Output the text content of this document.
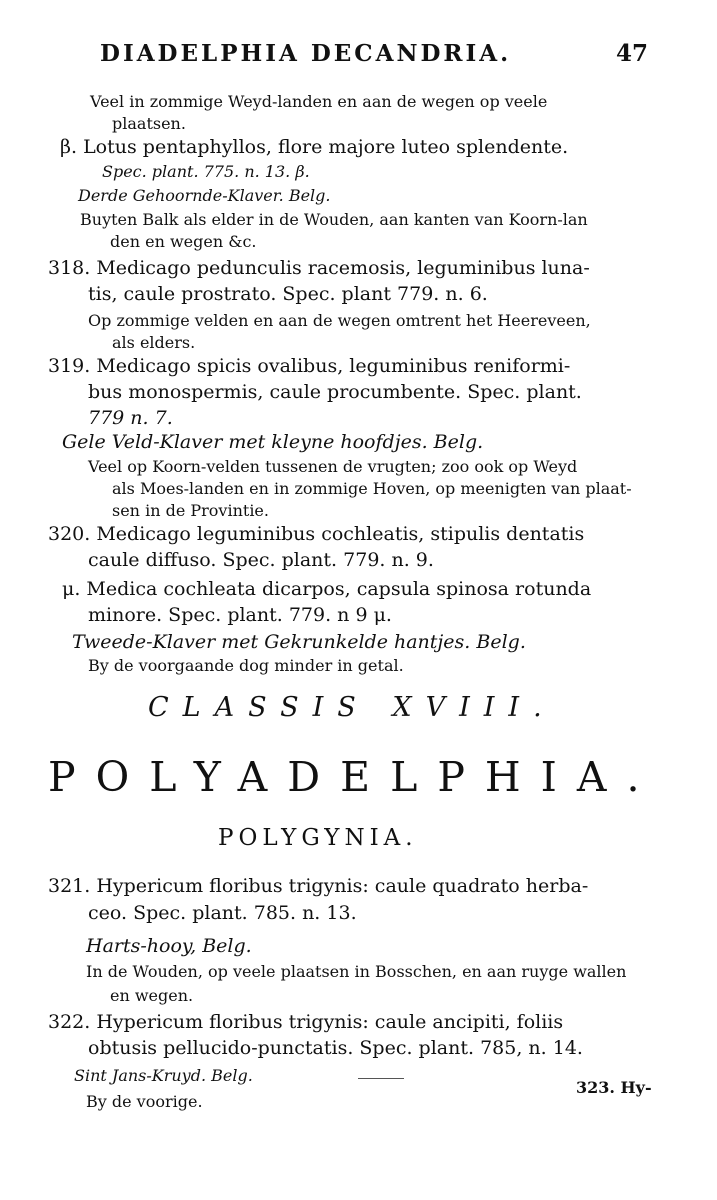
DIADELPHIA DECANDRIA.	47
Veel in zommige Weyd-landen en aan de wegen op veele
plaatsen.
β. Lotus pentaphyllos, flore majore luteo splendente.
Spec. plant. 775. n. 13. β.
Derde Gehoornde-Klaver. Belg.
Buyten Balk als elder in de Wouden, aan kanten van Koorn-lan
den en wegen &c.
318. Medicago pedunculis racemosis, leguminibus luna-
tis, caule prostrato. Spec. plant 779. n. 6.
Op zommige velden en aan de wegen omtrent het Heereveen,
als elders.
319. Medicago spicis ovalibus, leguminibus reniformi-
bus monospermis, caule procumbente. Spec. plant.
779 n. 7.
Gele Veld-Klaver met kleyne hoofdjes. Belg.
Veel op Koorn-velden tussenen de vrugten; zoo ook op Weyd
als Moes-landen en in zommige Hoven, op meenigten van plaat-
sen in de Provintie.
320. Medicago leguminibus cochleatis, stipulis dentatis
caule diffuso. Spec. plant. 779. n. 9.
μ. Medica cochleata dicarpos, capsula spinosa rotunda
minore. Spec. plant. 779. n 9 μ.
Tweede-Klaver met Gekrunkelde hantjes. Belg.
By de voorgaande dog minder in getal.
CLASSIS XVIII.
POLYADELPHIA.
POLYGYNIA.
321. Hypericum floribus trigynis: caule quadrato herba-
ceo. Spec. plant. 785. n. 13.
Harts-hooy, Belg.
In de Wouden, op veele plaatsen in Bosschen, en aan ruyge wallen
en wegen.
322. Hypericum floribus trigynis: caule ancipiti, foliis
obtusis pellucido-punctatis. Spec. plant. 785, n. 14.
Sint Jans-Kruyd. Belg.
By de voorige.
323. Hy-
